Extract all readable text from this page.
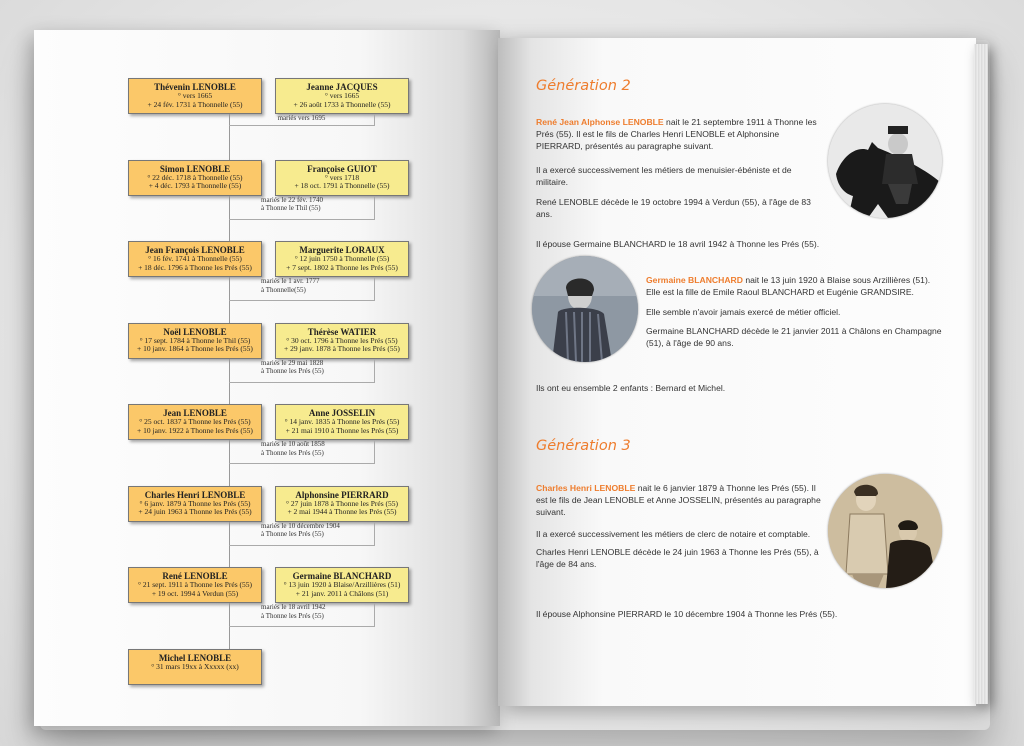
Thévenin LENOBLE
° vers 1665
+ 24 fév. 1731 à Thonnelle (55)
Jeanne JACQUES
° vers 1665
+ 26 août 1733 à Thonnelle (55)
mariés vers 1695
Simon LENOBLE
° 22 déc. 1718 à Thonnelle (55)
+ 4 déc. 1793 à Thonnelle (55)
Françoise GUIOT
° vers 1718
+ 18 oct. 1791 à Thonnelle (55)
mariés le 22 fév. 1740
à Thonne le Thil (55)
Jean François LENOBLE
° 16 fév. 1741 à Thonnelle (55)
+ 18 déc. 1796 à Thonne les Prés (55)
Marguerite LORAUX
° 12 juin 1750 à Thonnelle (55)
+ 7 sept. 1802 à Thonne les Prés (55)
mariés le 1 avr. 1777
à Thonnelle(55)
Noël LENOBLE
° 17 sept. 1784 à Thonne le Thil (55)
+ 10 janv. 1864 à Thonne les Prés (55)
Thérèse WATIER
° 30 oct. 1796 à Thonne les Prés (55)
+ 29 janv. 1878 à Thonne les Prés (55)
mariés le 29 mai 1828
à Thonne les Prés (55)
Jean LENOBLE
° 25 oct. 1837 à Thonne les Prés (55)
+ 10 janv. 1922 à Thonne les Prés (55)
Anne JOSSELIN
° 14 janv. 1835 à Thonne les Prés (55)
+ 21 mai 1910 à Thonne les Prés (55)
mariés le 10 août 1858
à Thonne les Prés (55)
Charles Henri LENOBLE
° 6 janv. 1879 à Thonne les Prés (55)
+ 24 juin 1963 à Thonne les Prés (55)
Alphonsine PIERRARD
° 27 juin 1878 à Thonne les Prés (55)
+ 2 mai 1944 à Thonne les Prés (55)
mariés le 10 décembre 1904
à Thonne les Prés (55)
René LENOBLE
° 21 sept. 1911 à Thonne les Prés (55)
+ 19 oct. 1994 à Verdun (55)
Germaine BLANCHARD
° 13 juin 1920 à Blaise/Arzillières (51)
+ 21 janv. 2011 à Châlons (51)
mariés le 18 avril 1942
à Thonne les Prés (55)
Michel LENOBLE
° 31 mars 19xx à Xxxxx (xx)
Génération 2
René Jean Alphonse LENOBLE nait le 21 septembre 1911 à Thonne les Prés (55). Il est le fils de Charles Henri LENOBLE et Alphonsine PIERRARD, présentés au paragraphe suivant.
Il a exercé successivement les métiers de menuisier-ébéniste et de militaire.
René LENOBLE décède le 19 octobre 1994 à Verdun (55), à l'âge de 83 ans.
Il épouse Germaine BLANCHARD le 18 avril 1942 à Thonne les Prés (55).
Germaine BLANCHARD nait le 13 juin 1920 à Blaise sous Arzillières (51). Elle est la fille de Emile Raoul BLANCHARD et Eugénie GRANDSIRE.
Elle semble n'avoir jamais exercé de métier officiel.
Germaine BLANCHARD décède le 21 janvier 2011 à Châlons en Champagne (51), à l'âge de 90 ans.
Ils ont eu ensemble 2 enfants : Bernard et Michel.
Génération 3
Charles Henri LENOBLE nait le 6 janvier 1879 à Thonne les Prés (55). Il est le fils de Jean LENOBLE et Anne JOSSELIN, présentés au paragraphe suivant.
Il a exercé successivement les métiers de clerc de notaire et comptable.
Charles Henri LENOBLE décède le 24 juin 1963 à Thonne les Prés (55), à l'âge de 84 ans.
Il épouse Alphonsine PIERRARD le 10 décembre 1904 à Thonne les Prés (55).
